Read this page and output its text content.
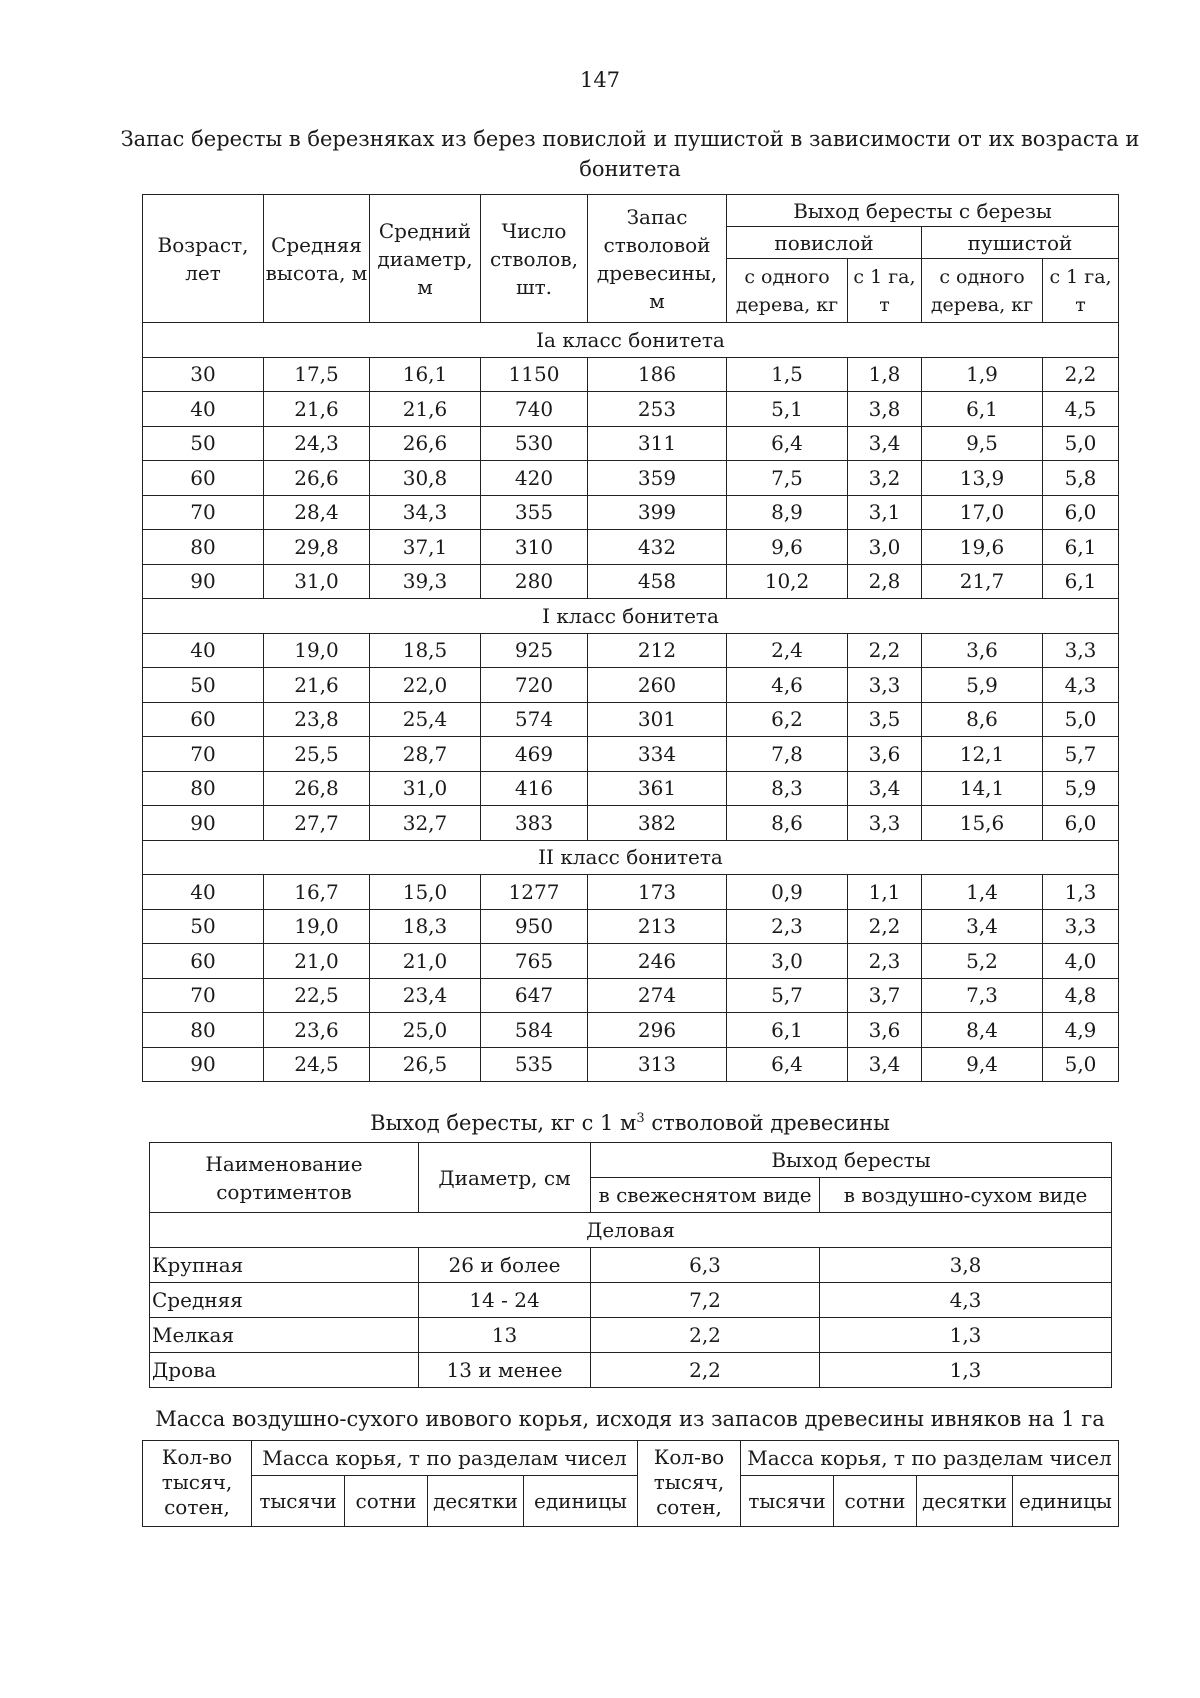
147
Запас бересты в березняках из берез повислой и пушистой в зависимости от их возраста и бонитета
Возраст, лет	Средняя высота, м	Средний диаметр, м	Число стволов, шт.	Запас стволовой древесины, м	Выход бересты с березы			
					повислой		пушистой	
					с одного дерева, кг	с 1 га, т	с одного дерева, кг	с 1 га, т
Iа класс бонитета								
30	17,5	16,1	1150	186	1,5	1,8	1,9	2,2
40	21,6	21,6	740	253	5,1	3,8	6,1	4,5
50	24,3	26,6	530	311	6,4	3,4	9,5	5,0
60	26,6	30,8	420	359	7,5	3,2	13,9	5,8
70	28,4	34,3	355	399	8,9	3,1	17,0	6,0
80	29,8	37,1	310	432	9,6	3,0	19,6	6,1
90	31,0	39,3	280	458	10,2	2,8	21,7	6,1
I класс бонитета								
40	19,0	18,5	925	212	2,4	2,2	3,6	3,3
50	21,6	22,0	720	260	4,6	3,3	5,9	4,3
60	23,8	25,4	574	301	6,2	3,5	8,6	5,0
70	25,5	28,7	469	334	7,8	3,6	12,1	5,7
80	26,8	31,0	416	361	8,3	3,4	14,1	5,9
90	27,7	32,7	383	382	8,6	3,3	15,6	6,0
II класс бонитета								
40	16,7	15,0	1277	173	0,9	1,1	1,4	1,3
50	19,0	18,3	950	213	2,3	2,2	3,4	3,3
60	21,0	21,0	765	246	3,0	2,3	5,2	4,0
70	22,5	23,4	647	274	5,7	3,7	7,3	4,8
80	23,6	25,0	584	296	6,1	3,6	8,4	4,9
90	24,5	26,5	535	313	6,4	3,4	9,4	5,0
Выход бересты, кг с 1 $м^3$ стволовой древесины
Наименование сортиментов	Диаметр, см	Выход бересты	
		в свежеснятом виде	в воздушно-сухом виде
Деловая			
Крупная	26 и более	6,3	3,8
Средняя	14 - 24	7,2	4,3
Мелкая	13	2,2	1,3
Дрова	13 и менее	2,2	1,3
Масса воздушно-сухого ивового корья, исходя из запасов древесины ивняков на 1 га
Кол-во тысяч, сотен,	Масса корья, т по разделам чисел				Кол-во тысяч, сотен,	Масса корья, т по разделам чисел			
	тысячи	сотни	десятки	единицы		тысячи	сотни	десятки	единицы
